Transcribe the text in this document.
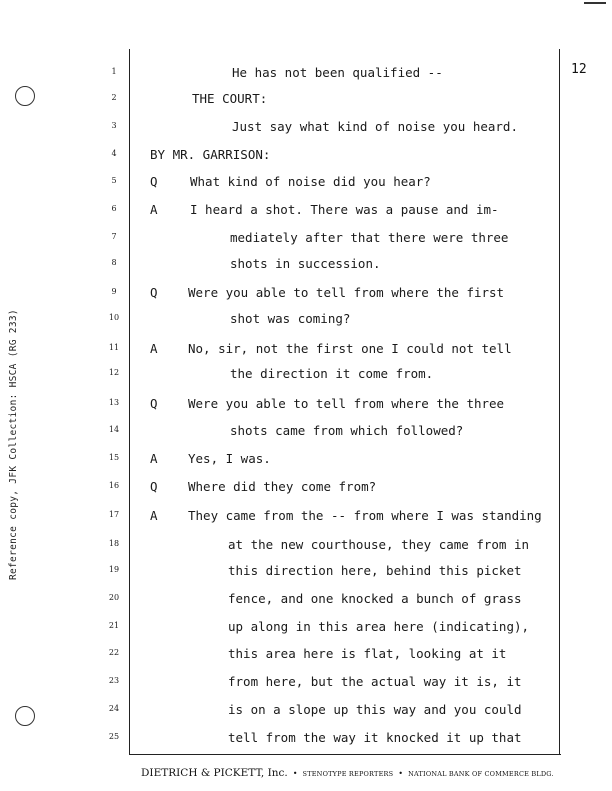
Reference copy, JFK Collection: HSCA (RG 233)
12
1	He has not been qualified --
2	THE COURT:
3	Just say what kind of noise you heard.
4	BY MR. GARRISON:
5	Q	What kind of noise did you hear?
6	A	I heard a shot. There was a pause and im-
7	mediately after that there were three
8	shots in succession.
9	Q Were you able to tell from where the first
10	shot was coming?
11	A No, sir, not the first one I could not tell
12	the direction it come from.
13	Q Were you able to tell from where the three
14	shots came from which followed?
15	A Yes, I was.
16	Q Where did they come from?
17	A They came from the -- from where I was standing
18	at the new courthouse, they came from in
19	this direction here, behind this picket
20	fence, and one knocked a bunch of grass
21	up along in this area here (indicating),
22	this area here is flat, looking at it
23	from here, but the actual way it is, it
24	is on a slope up this way and you could
25	tell from the way it knocked it up that
DIETRICH & PICKETT, Inc. • STENOTYPE REPORTERS • NATIONAL BANK OF COMMERCE BLDG.
